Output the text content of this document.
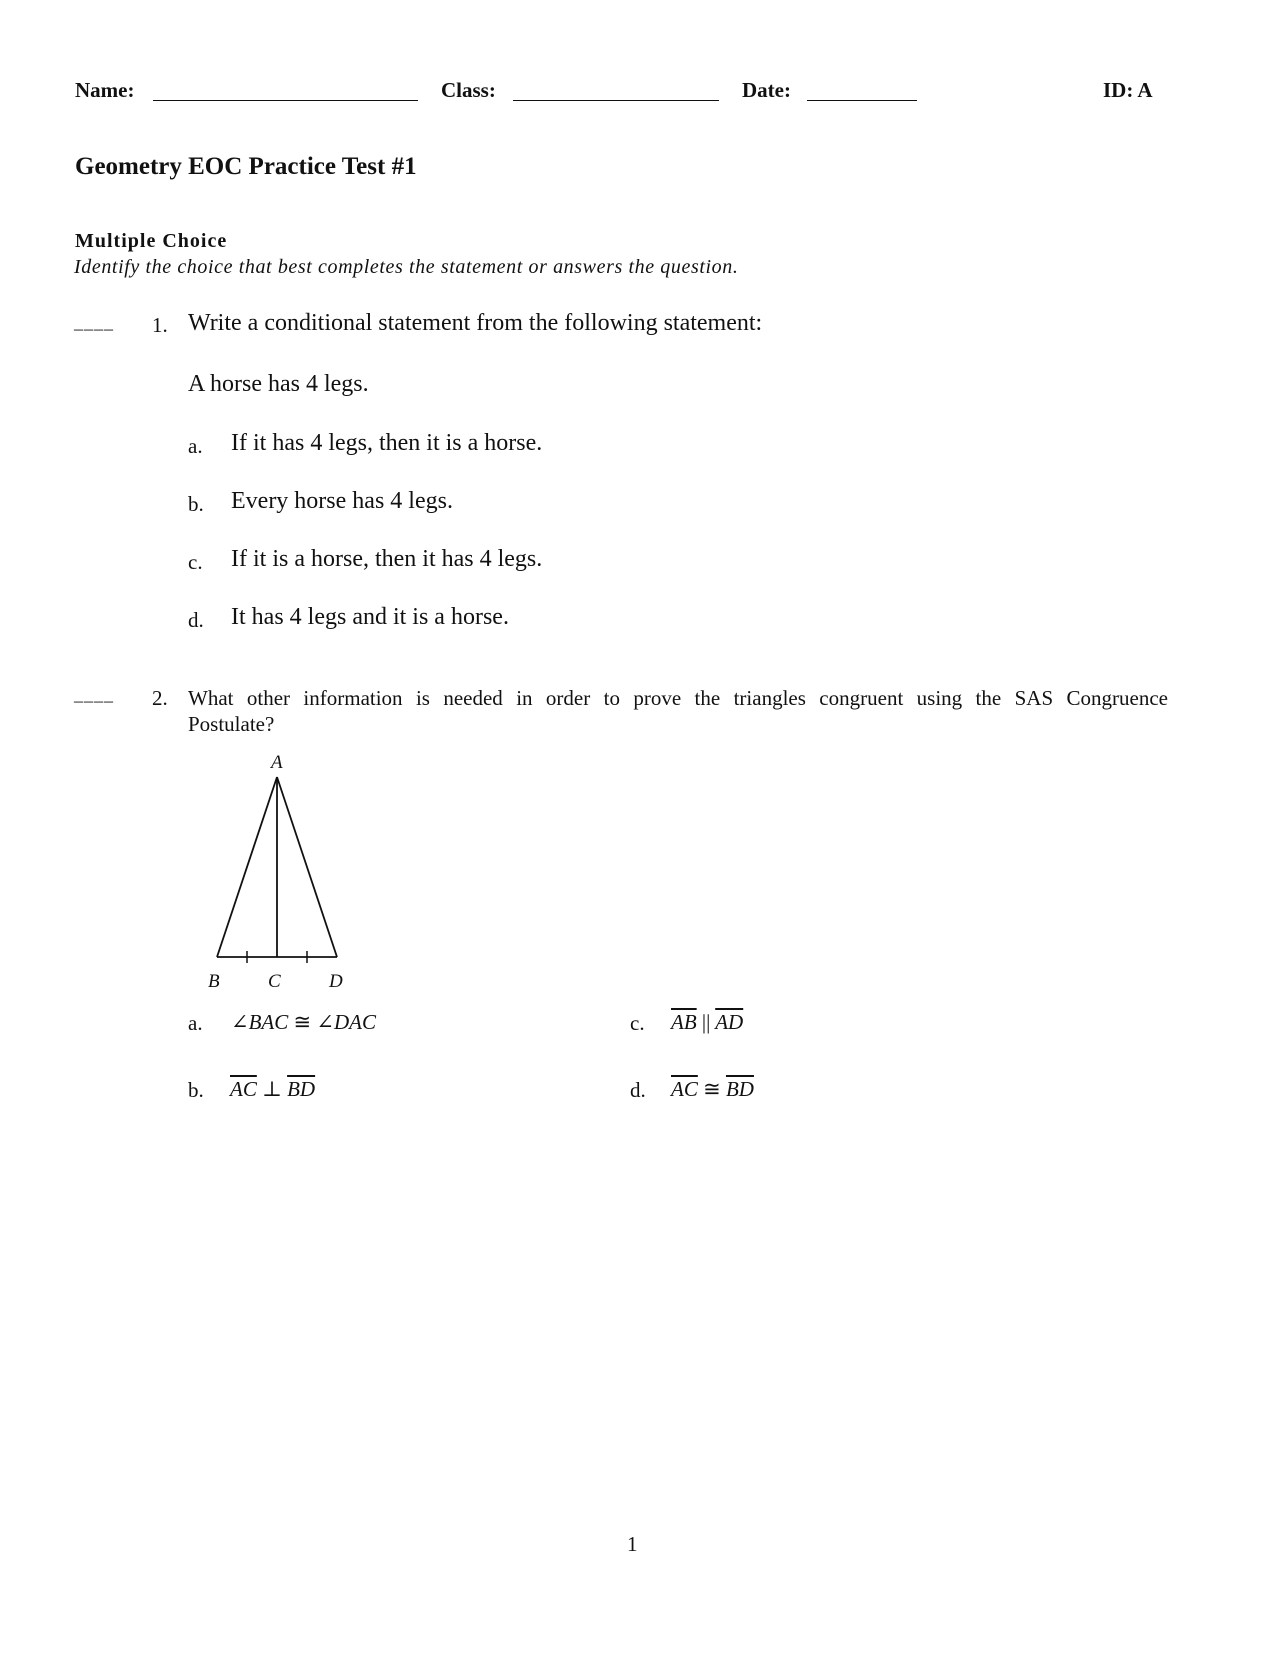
Name:	Class:	Date:	ID: A
Geometry EOC Practice Test #1
Multiple Choice
Identify the choice that best completes the statement or answers the question.
____ 1. Write a conditional statement from the following statement:
A horse has 4 legs.
a. If it has 4 legs, then it is a horse.
b. Every horse has 4 legs.
c. If it is a horse, then it has 4 legs.
d. It has 4 legs and it is a horse.
____ 2. What other information is needed in order to prove the triangles congruent using the SAS Congruence
Postulate?
A
B	C	D
a. ∠BAC ≅ ∠DAC
b. $\overline{AC}$ ⊥ $\overline{BD}$
c. $\overline{AB}$ || $\overline{AD}$
d. $\overline{AC}$ ≅ $\overline{BD}$
1
